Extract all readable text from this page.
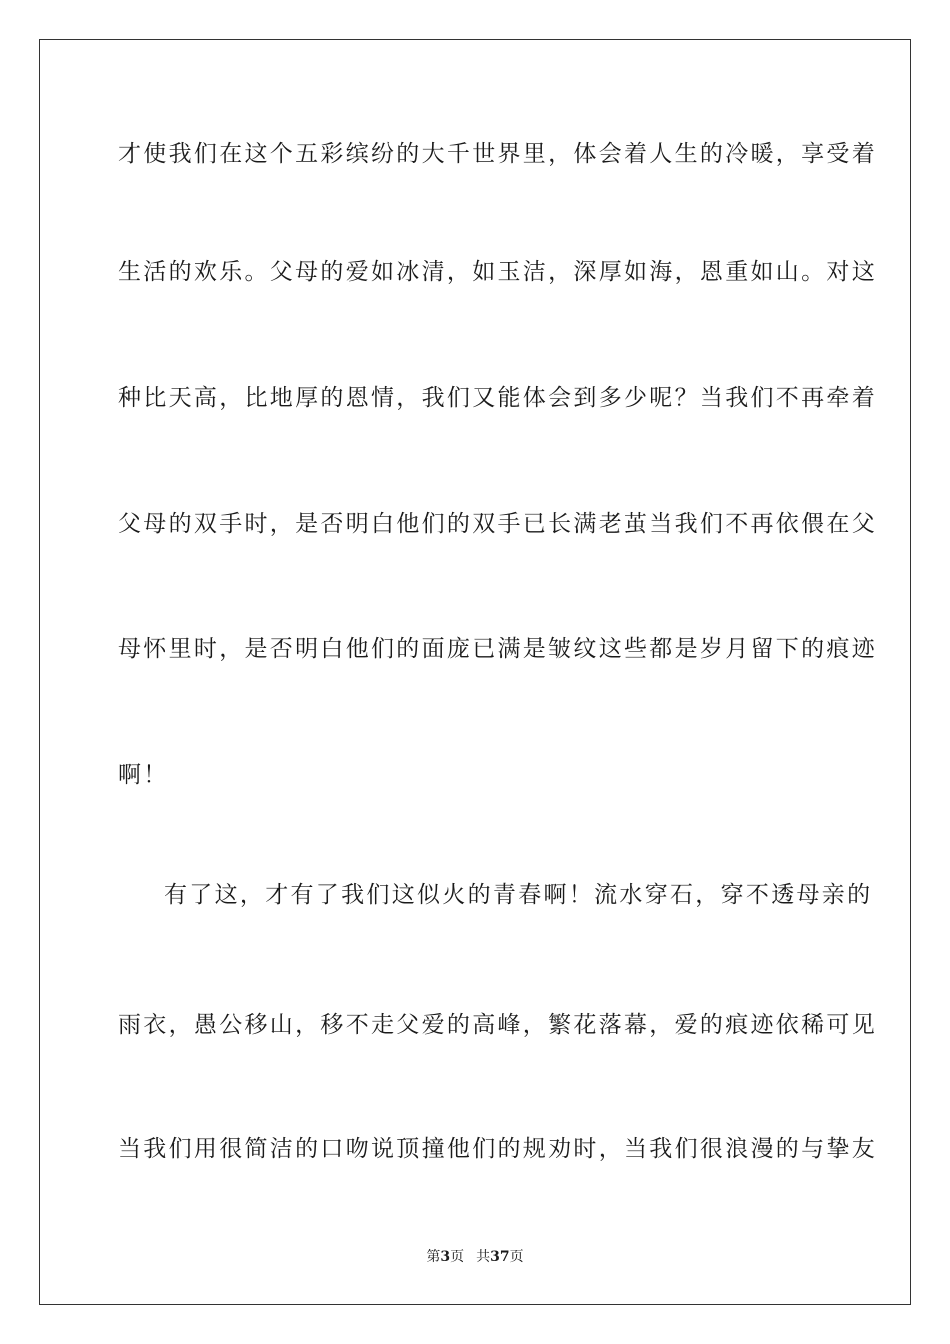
才使我们在这个五彩缤纷的大千世界里，体会着人生的冷暖，享受着
生活的欢乐。父母的爱如冰清，如玉洁，深厚如海，恩重如山。对这
种比天高，比地厚的恩情，我们又能体会到多少呢？当我们不再牵着
父母的双手时，是否明白他们的双手已长满老茧当我们不再依偎在父
母怀里时，是否明白他们的面庞已满是皱纹这些都是岁月留下的痕迹
啊！
有了这，才有了我们这似火的青春啊！流水穿石，穿不透母亲的
雨衣，愚公移山，移不走父爱的高峰，繁花落幕，爱的痕迹依稀可见
当我们用很简洁的口吻说顶撞他们的规劝时，当我们很浪漫的与挚友
第3页 共37页
